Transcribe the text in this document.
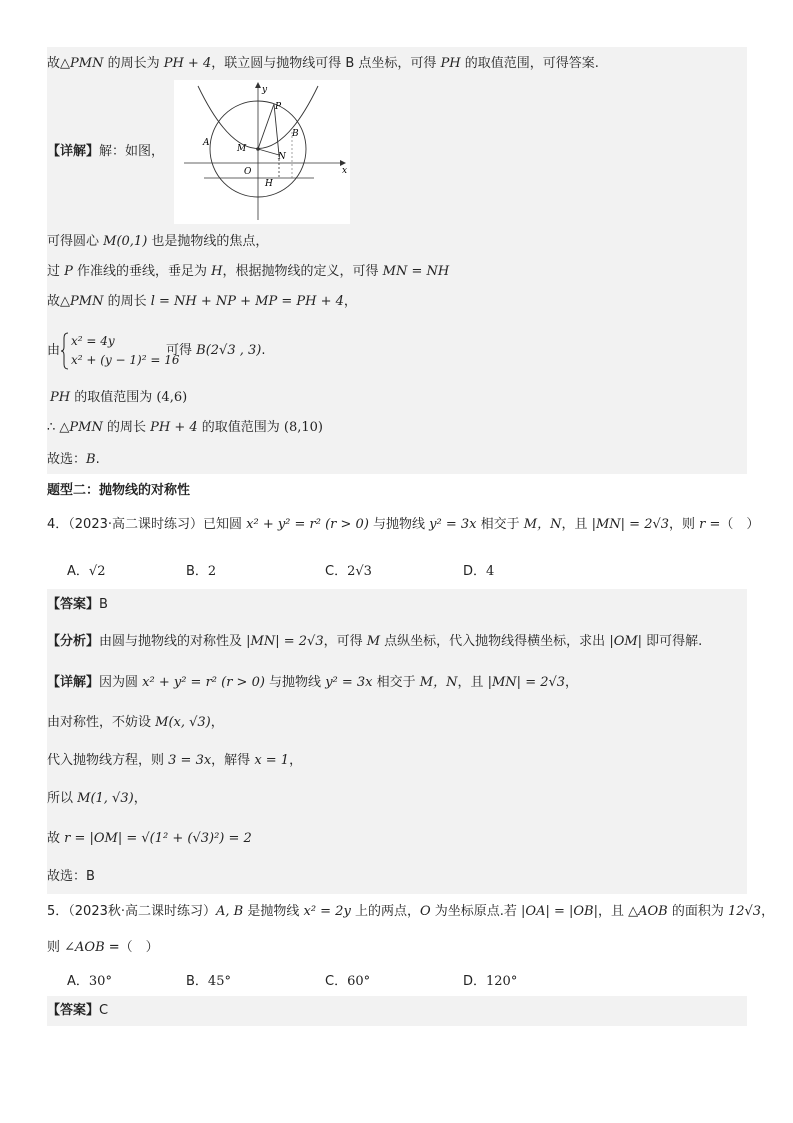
故△PMN 的周长为 PH + 4，联立圆与抛物线可得 B 点坐标，可得 PH 的取值范围，可得答案.
【详解】解：如图，
y
x
P
B
A
M
N
O
H
可得圆心 M(0,1) 也是抛物线的焦点，
过 P 作准线的垂线，垂足为 H，根据抛物线的定义，可得 MN = NH
故△PMN 的周长 l = NH + NP + MP = PH + 4，
由
x² = 4y
x² + (y − 1)² = 16
可得 B(2√3 , 3).
PH 的取值范围为 (4,6)
∴ △PMN 的周长 PH + 4 的取值范围为 (8,10)
故选：B.
题型二：抛物线的对称性
4．（2023·高二课时练习）已知圆 x² + y² = r² (r > 0) 与抛物线 y² = 3x 相交于 M，N，且 |MN| = 2√3，则 r =（　）
A．√2	B．2	C．2√3	D．4
【答案】B
【分析】由圆与抛物线的对称性及 |MN| = 2√3，可得 M 点纵坐标，代入抛物线得横坐标，求出 |OM| 即可得解.
【详解】因为圆 x² + y² = r² (r > 0) 与抛物线 y² = 3x 相交于 M，N，且 |MN| = 2√3，
由对称性，不妨设 M(x, √3)，
代入抛物线方程，则 3 = 3x，解得 x = 1，
所以 M(1, √3)，
故 r = |OM| = √(1² + (√3)²) = 2
故选：B
5．（2023秋·高二课时练习）A, B 是抛物线 x² = 2y 上的两点，O 为坐标原点.若 |OA| = |OB|，且 △AOB 的面积为 12√3，
则 ∠AOB =（　）
A．30°	B．45°	C．60°	D．120°
【答案】C
